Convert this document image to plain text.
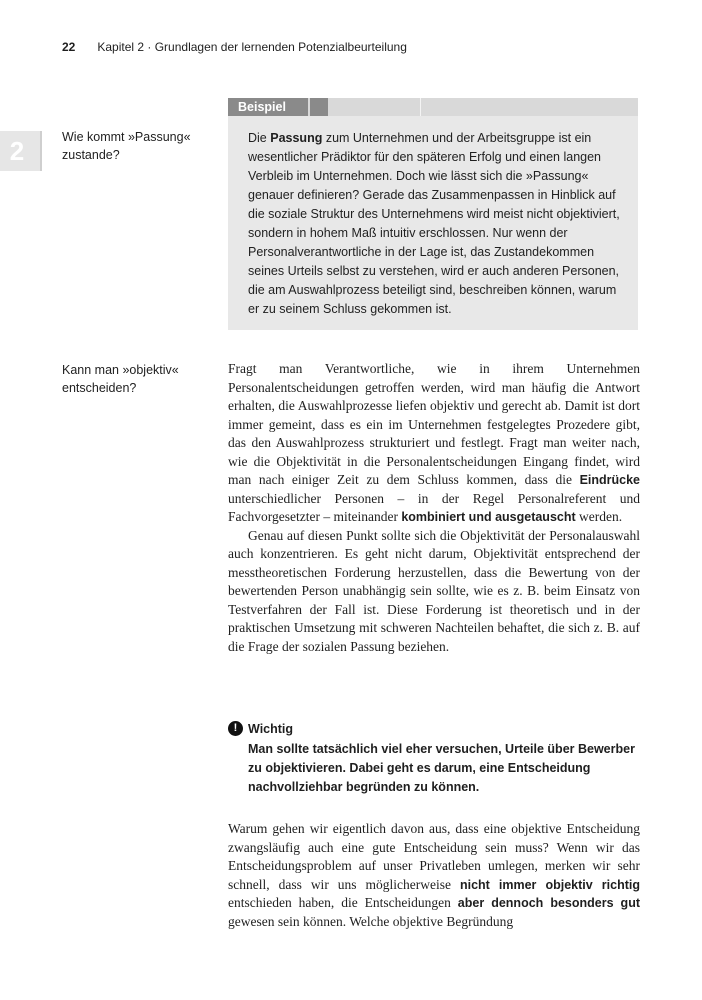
22 Kapitel 2 · Grundlagen der lernenden Potenzialbeurteilung
2	Wie kommt »Passung« zustande?
Beispiel
Die Passung zum Unternehmen und der Arbeitsgruppe ist ein wesentlicher Prädiktor für den späteren Erfolg und einen langen Verbleib im Unternehmen. Doch wie lässt sich die »Passung« genauer definieren? Gerade das Zusammenpassen in Hinblick auf die soziale Struktur des Unternehmens wird meist nicht objektiviert, sondern in hohem Maß intuitiv erschlossen. Nur wenn der Personalverantwortliche in der Lage ist, das Zustandekommen seines Urteils selbst zu verstehen, wird er auch anderen Personen, die am Auswahlprozess beteiligt sind, beschreiben können, warum er zu seinem Schluss gekommen ist.
Kann man »objektiv« entscheiden?

Fragt man Verantwortliche, wie in ihrem Unternehmen Personalentscheidungen getroffen werden, wird man häufig die Antwort erhalten, die Auswahlprozesse liefen objektiv und gerecht ab. Damit ist dort immer gemeint, dass es ein im Unternehmen festgelegtes Prozedere gibt, das den Auswahlprozess strukturiert und festlegt. Fragt man weiter nach, wie die Objektivität in die Personalentscheidungen Eingang findet, wird man nach einiger Zeit zu dem Schluss kommen, dass die Eindrücke unterschiedlicher Personen – in der Regel Personalreferent und Fachvorgesetzter – miteinander kombiniert und ausgetauscht werden.

Genau auf diesen Punkt sollte sich die Objektivität der Personalauswahl auch konzentrieren. Es geht nicht darum, Objektivität entsprechend der messtheoretischen Forderung herzustellen, dass die Bewertung von der bewertenden Person unabhängig sein sollte, wie es z. B. beim Einsatz von Testverfahren der Fall ist. Diese Forderung ist theoretisch und in der praktischen Umsetzung mit schweren Nachteilen behaftet, die sich z. B. auf die Frage der sozialen Passung beziehen.

! Wichtig
Man sollte tatsächlich viel eher versuchen, Urteile über Bewerber zu objektivieren. Dabei geht es darum, eine Entscheidung nachvollziehbar begründen zu können.
Warum gehen wir eigentlich davon aus, dass eine objektive Entscheidung zwangsläufig auch eine gute Entscheidung sein muss? Wenn wir das Entscheidungsproblem auf unser Privatleben umlegen, merken wir sehr schnell, dass wir uns möglicherweise nicht immer objektiv richtig entschieden haben, die Entscheidungen aber dennoch besonders gut gewesen sein können. Welche objektive Begründung
